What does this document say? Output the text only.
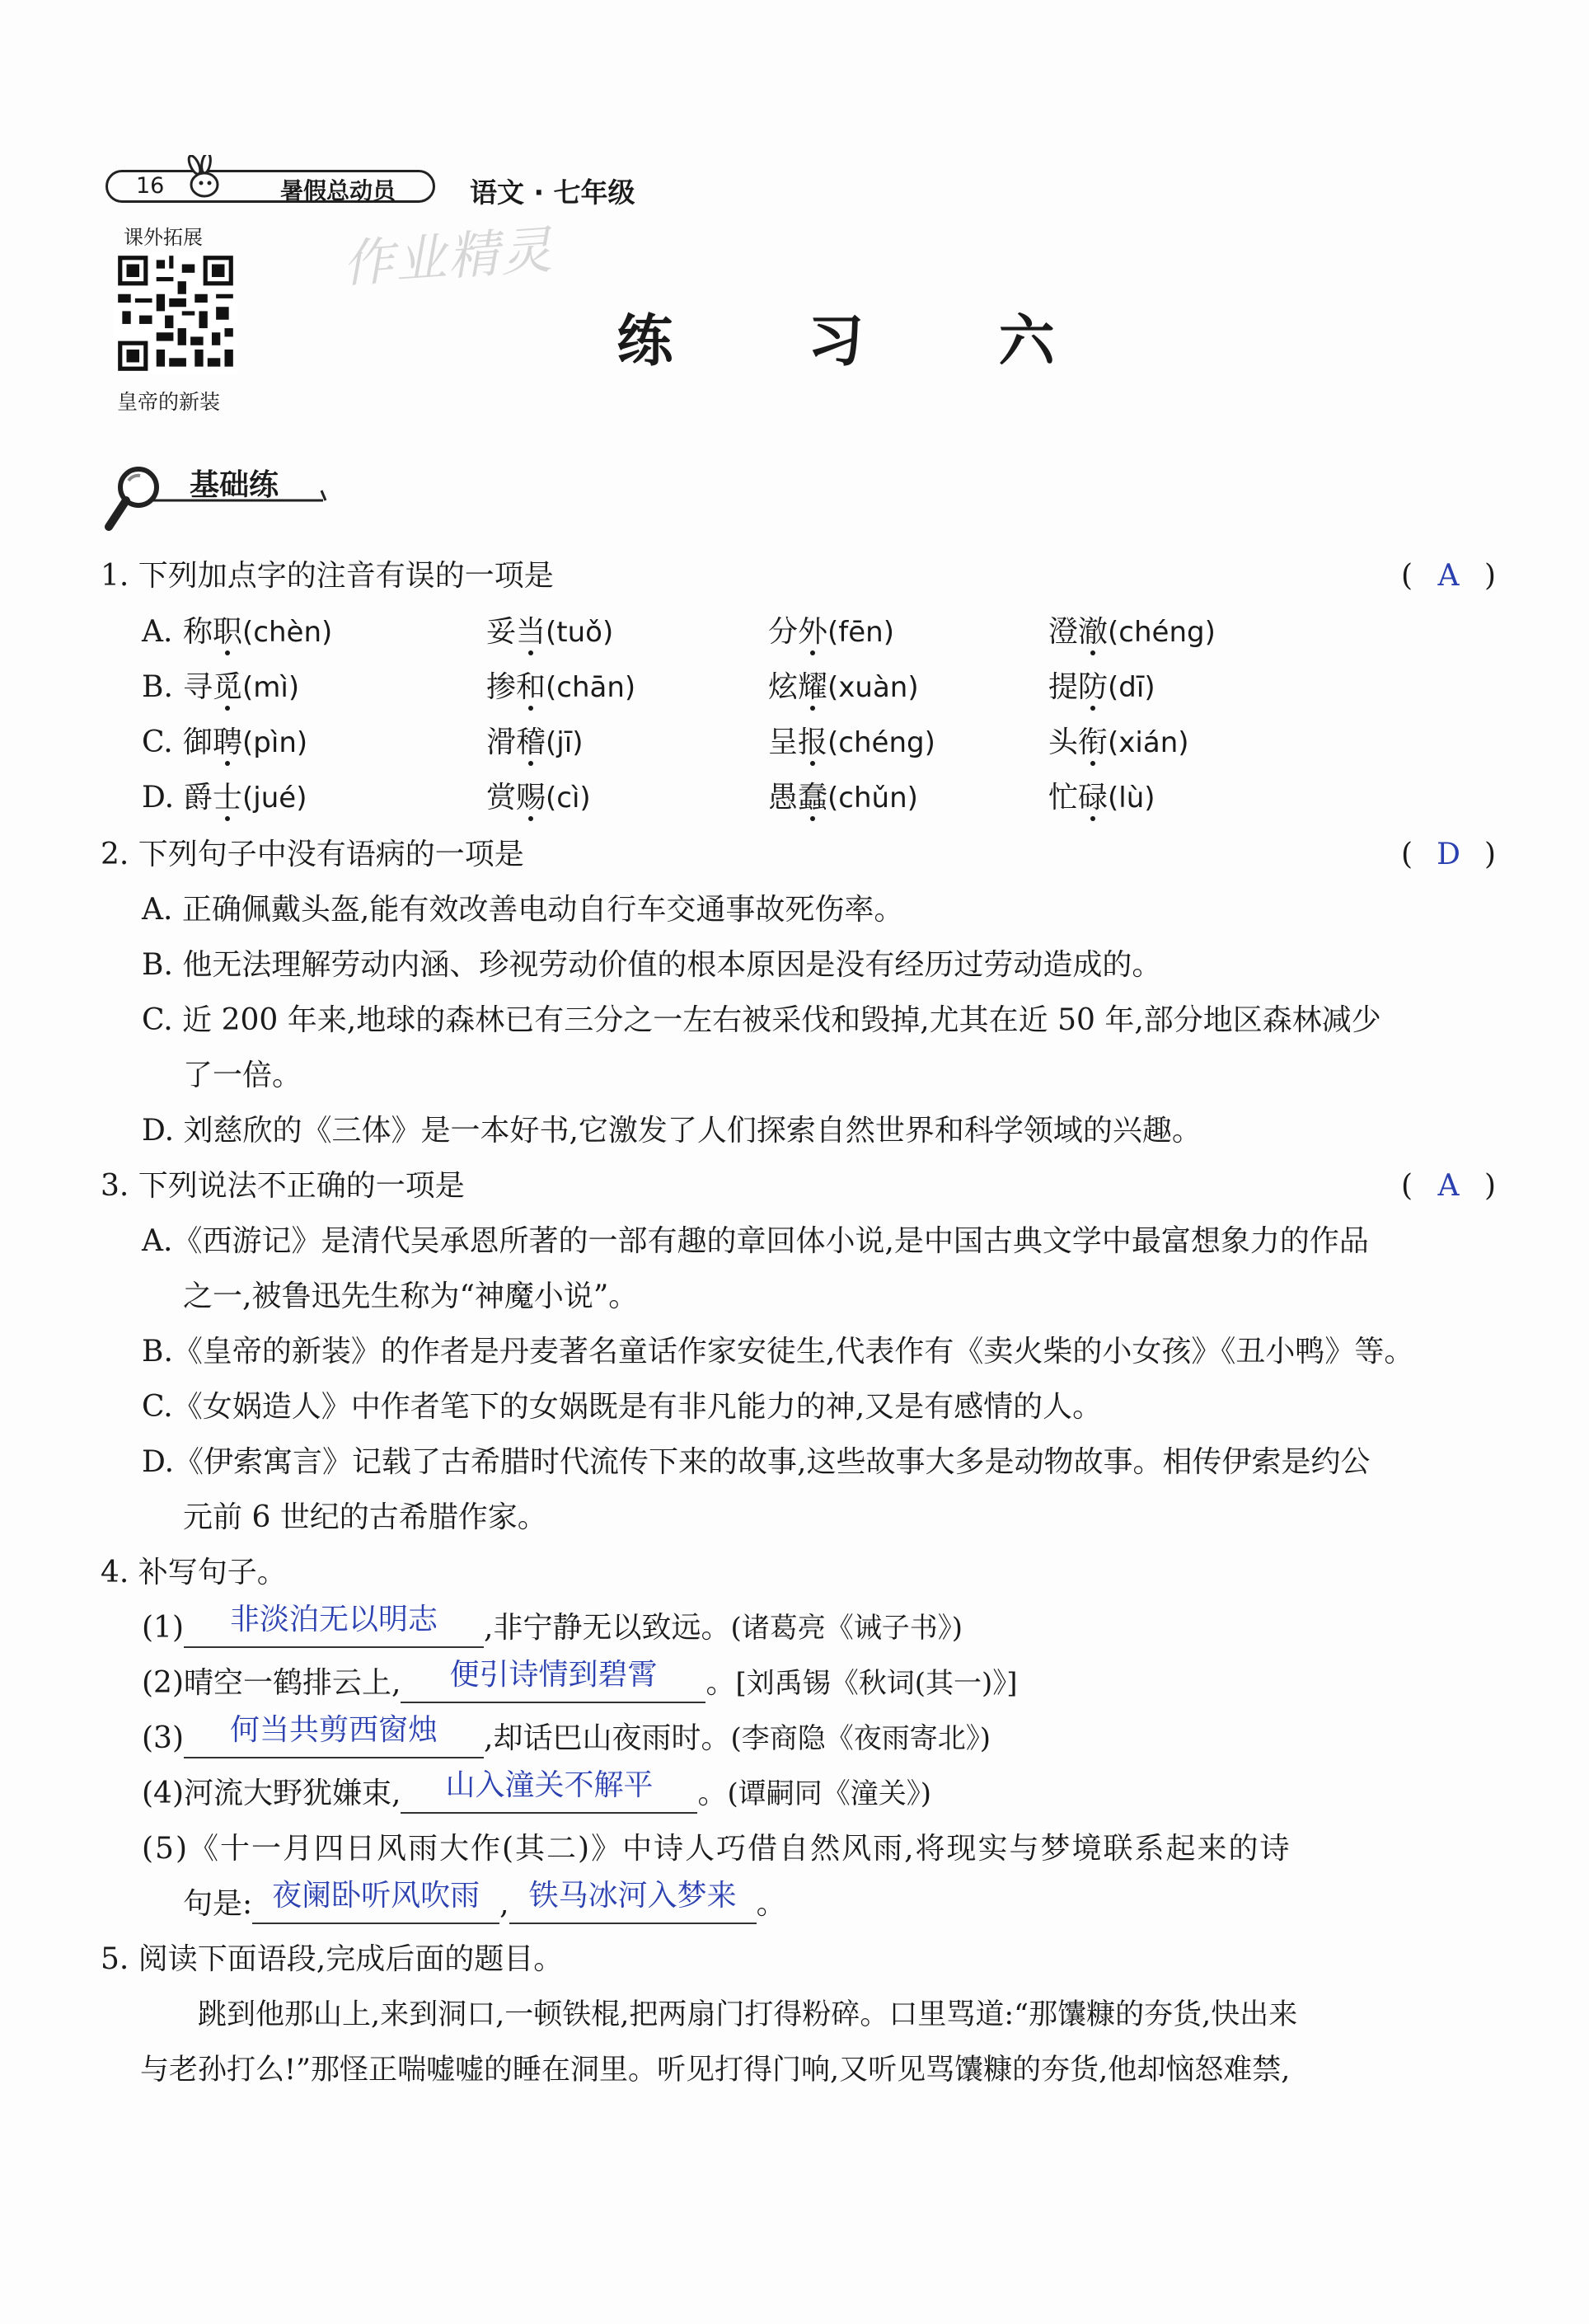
16	暑假总动员	语文 · 七年级
课外拓展
皇帝的新装
作业精灵
练 习 六
基础练
1. 下列加点字的注音有误的一项是	( A )
A. 称职(chèn)	妥当(tuǒ)	分外(fēn)	澄澈(chéng)
B. 寻觅(mì)	掺和(chān)	炫耀(xuàn)	提防(dī)
C. 御聘(pìn)	滑稽(jī)	呈报(chéng)	头衔(xián)
D. 爵士(jué)	赏赐(cì)	愚蠢(chǔn)	忙碌(lù)
2. 下列句子中没有语病的一项是	( D )
A. 正确佩戴头盔,能有效改善电动自行车交通事故死伤率。
B. 他无法理解劳动内涵、珍视劳动价值的根本原因是没有经历过劳动造成的。
C. 近 200 年来,地球的森林已有三分之一左右被采伐和毁掉,尤其在近 50 年,部分地区森林减少
了一倍。
D. 刘慈欣的《三体》是一本好书,它激发了人们探索自然世界和科学领域的兴趣。
3. 下列说法不正确的一项是	( A )
A.《西游记》是清代吴承恩所著的一部有趣的章回体小说,是中国古典文学中最富想象力的作品
之一,被鲁迅先生称为“神魔小说”。
B.《皇帝的新装》的作者是丹麦著名童话作家安徒生,代表作有《卖火柴的小女孩》《丑小鸭》等。
C.《女娲造人》中作者笔下的女娲既是有非凡能力的神,又是有感情的人。
D.《伊索寓言》记载了古希腊时代流传下来的故事,这些故事大多是动物故事。相传伊索是约公
元前 6 世纪的古希腊作家。
4. 补写句子。
(1) 非淡泊无以明志 ,非宁静无以致远。(诸葛亮《诫子书》)
(2)晴空一鹤排云上, 便引诗情到碧霄 。[刘禹锡《秋词(其一)》]
(3) 何当共剪西窗烛 ,却话巴山夜雨时。(李商隐《夜雨寄北》)
(4)河流大野犹嫌束, 山入潼关不解平 。(谭嗣同《潼关》)
(5)《十一月四日风雨大作(其二)》中诗人巧借自然风雨,将现实与梦境联系起来的诗
句是: 夜阑卧听风吹雨 , 铁马冰河入梦来 。
5. 阅读下面语段,完成后面的题目。
跳到他那山上,来到洞口,一顿铁棍,把两扇门打得粉碎。口里骂道:“那馕糠的夯货,快出来
与老孙打么!”那怪正喘嘘嘘的睡在洞里。听见打得门响,又听见骂馕糠的夯货,他却恼怒难禁,
